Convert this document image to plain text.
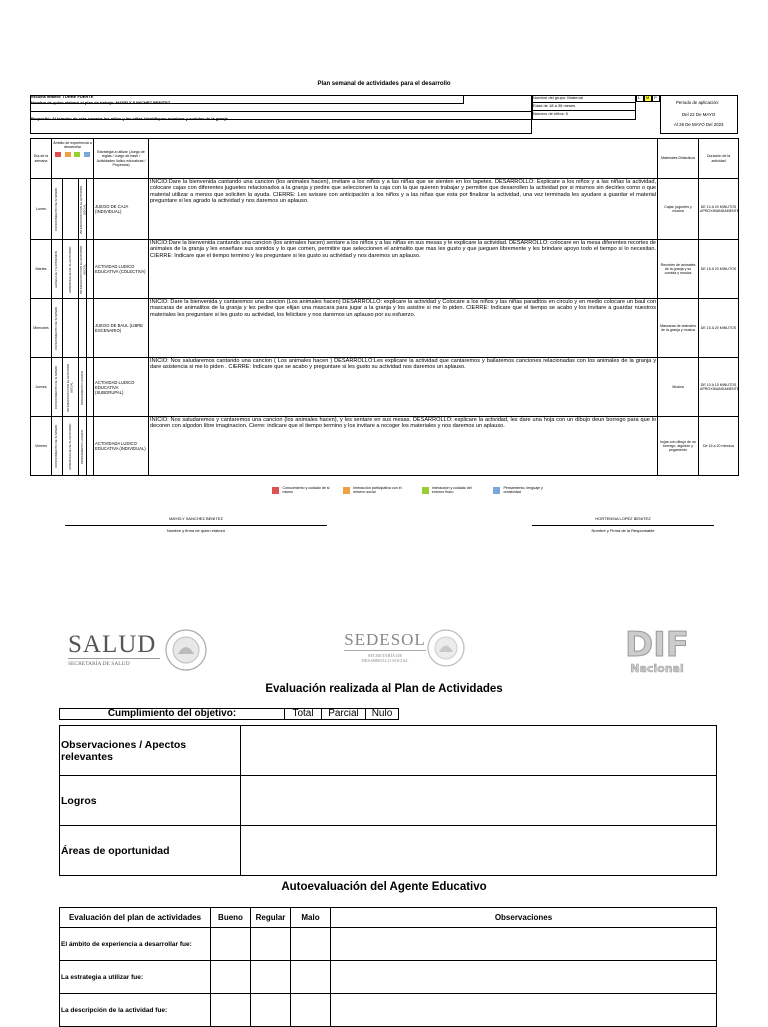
Plan semanal de actividades para el desarrollo
escuela infantil: TORRE FUERTE
Nombre de quien elaboró el plan de trabajo: MAYELY SANCHEZ BENITEZ
Proposito: Al termino de esta semana los niños y las niñas identifiquen nombres y sonidos de la granja
Nombre del grupo: Maternal
Edad de 18 a 36 meses
Número de niños: 5
L M P
Periodo de aplicación:
Del 22 De MAYO
Al 26 De MAYO Del 2023
Día de la semana	Ámbito de experiencia a desarrollar				Estrategia a utilizar (Juego de reglas / Juego de bash / Actividades lúdico educativas / Proyectos)		Materiales Didácticos	Duración de la actividad
Lunes	CONOCIMIENTO DE SI MISMO		INTERACCION CON EL ENTORNO SOCIAL		JUEGO DE CAJA (INDIVIDUAL)	INICIO:Dare la bienvenida cantando una cancion (los animales hacen), invitare a los niños y a las niñas que se sienten en los tapetes. DESARROLLO: Explicare a los niños y a las niñas la actividad, colocare cajas con diferentes juguetes relacionados a la granja y pedire que seleccionen la caja con la que quieren trabajar y permitire que desarrollen la actividad por si mismos sin decirles como o que material utilizar a menos que soliciten la ayuda. CIERRE: Les avisare con anticipación a los niños y a las niñas que esta por finalizar la actividad, una vez terminada les ayudare a guardar el material preguntare si les agrado la actividad y nos daremos un aplauso.	Cajas, juguetes y musica	DE 10 A 20 MINUTOS APROXIMANDAMENTE
Martes	LENGUAJE Y EXPRESION	APRENDIZAJE DE SU ENTORNO	INTERACCION CON EL ENTORNO SOCIAL		ACTIVIDAD LUDICO EDUCATIVA (COLECTIVA)	INICIO:Dare la bienvenida cantando una cancion (los animales hacen) sentare a los niños y a las niñas en sus mesas y le explicare la actividad. DESARROLLO: colocare en la mesa diferentes recortes de animales de la granja y les enseñare sus sonidos y lo que comen, permitire que seleccionen el animalito que mas les gusto y que jueguen libremente y les brindare apoyo todo el tiempo si lo necesitan. CIERRE: Indicare que el tiempo termino y les preguntare si les gusto su actividad y nos daremos un aplauso.	Recortes de animales de la granja y su comida y musica	DE 15 A 20 MINUTOS
Miercoles	CONOCIMIENTO DE SI MISMO				JUEGO DE BAUL (LIBRE ESCENARIO)	INICIO: Dare la bienvenida y cantaremos una cancion (Los animales hacen) DESARROLLO: explicare la actividad y Colocare a los niños y las niñas paraditos en circulo y en medio colocare un baul con mascaras de animalitos de la granja y les pedire que elijan una mascara para jugar a la granja y los asistire si me lo piden. CIERRE: Indicare que el tiempo se acabo y los invitare a guardar nuestros materiales les preguntare si les gusto su actividad, los felicitare y nos daremos un aplauso por su esfuerzo.	Mascaras de animales de la granja y musica	DE 15 A 20 MINUTOS
Jueves	CONOCIMIENTO DE SI MISMO	INTERACCION CON EL ENTORNO SOCIAL	PENSAMIENTO LOGICO		ACTIVIDAD LUDICO EDUCATIVA (SUBGRUPAL)	INICIO: Nos saludaremos cantando una cancion ( Los animales hacen ) DESARROLLO:Les explicare la actividad que cantaremos y bailaremos canciones relacionadas con los animales de la granja y dare asistencia si me lo piden . CIERRE: Indicare que se acabo y preguntare si les gusto su actividad nos daremos un aplauso.	Musica	DE 10 A 15 MINUTOS APROXIMANDAMENTE
Viernes	CONOCIMIENTO DE SI MISMO	APRENDIZAJE DE SU ENTORNO	PENSAMIENTO LOGICO		ACTIVIDADA LUDICO EDUCATIVA (INDIVIDUAL)	INICIO: Nos saludaremos y cantaremos una cancion (los animales hacen), y les sentare en sus mesas. DESARROLLO: explicare la actividad, les dare una hoja con un dibujo deun borrego para que lo decoren con algodon libre imaginacion. Cierre: indicare que el tiempo termino y los invitare a recoger los materiales y nos daremos un aplauso.	hojas con dibujo de un borrego, algodón y pegamento	De 15 a 20 minutos
Conocimiento y cuidado de si mismo
Interacción participativa con el entorno social
Interacción y cuidado del entorno físico
Pensamiento, lenguaje y creatividad
MAYELY SANCHEZ BENITEZ
Nombre y firma de quien elaboró
HORTENSIA LOPEZ BENITEZ
Nombre y Firma de la Responsable
SALUD
SECRETARÍA DE SALUD
SEDESOL
SECRETARÍA DE
DESARROLLO SOCIAL	DIF
Nacional
Evaluación realizada al Plan de Actividades
Cumplimiento del objetivo:	Total	Parcial	Nulo
Observaciones / Apectos relevantes	
Logros	
Áreas de oportunidad	
Autoevaluación del Agente Educativo
Evaluación del plan de actividades	Bueno	Regular	Malo	Observaciones
El ámbito de experiencia a desarrollar fue:				
La estrategia a utilizar fue:				
La descripción de la actividad fue:				
